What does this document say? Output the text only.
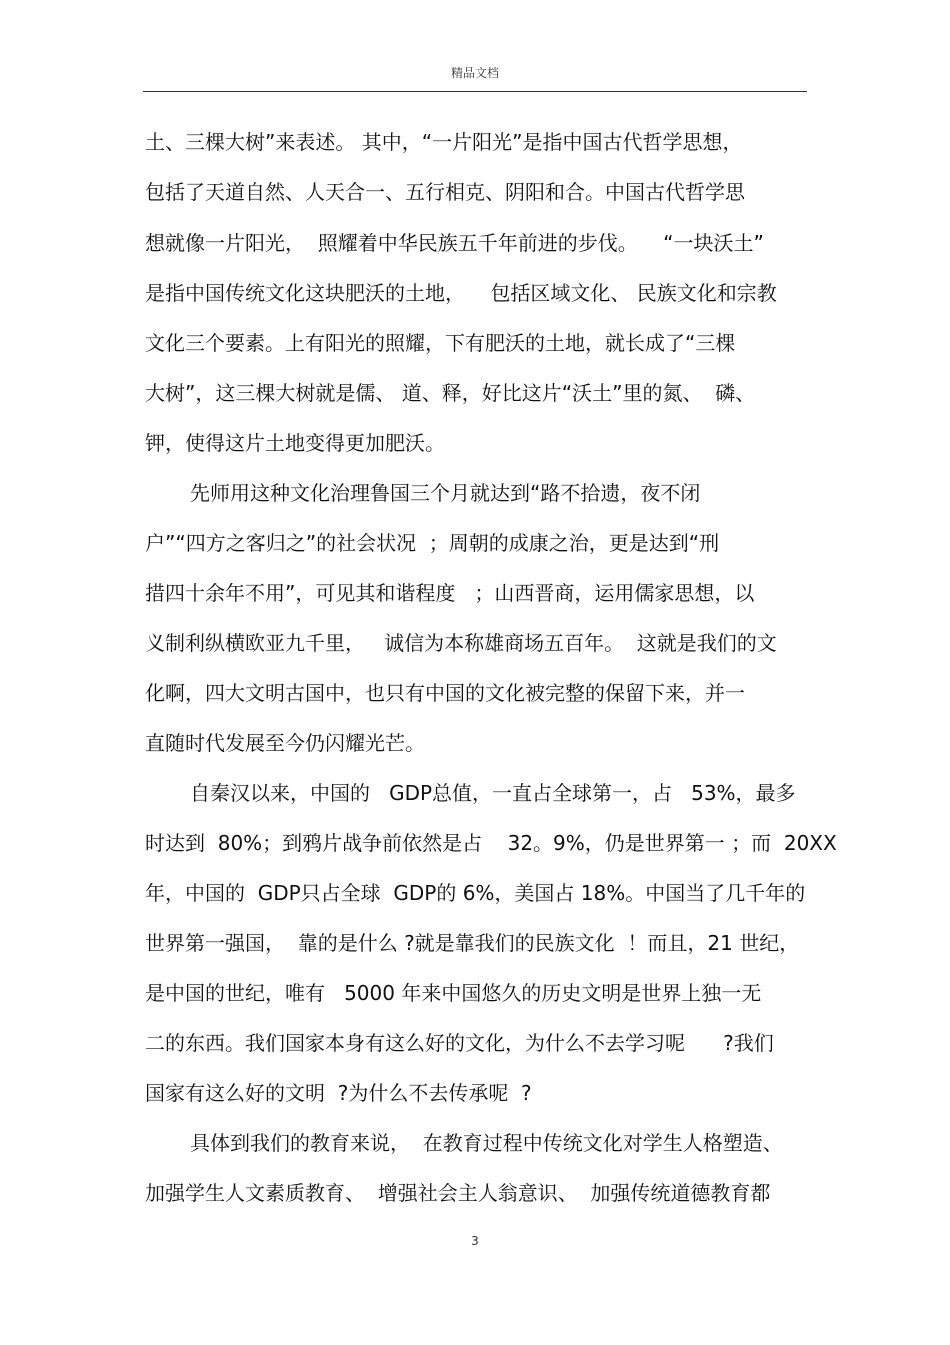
精品文档
土、三棵大树”来表述。 其中，“一片阳光”是指中国古代哲学思想，
包括了天道自然、人天合一、五行相克、阴阳和合。中国古代哲学思
想就像一片阳光，  照耀着中华民族五千年前进的步伐。    “一块沃土”
是指中国传统文化这块肥沃的土地，    包括区域文化、 民族文化和宗教
文化三个要素。上有阳光的照耀，下有肥沃的土地，就长成了“三棵
大树”，这三棵大树就是儒、 道、释，好比这片“沃土”里的氮、  磷、
钾，使得这片土地变得更加肥沃。
先师用这种文化治理鲁国三个月就达到“路不拾遗，夜不闭
户”“四方之客归之”的社会状况  ；周朝的成康之治，更是达到“刑
措四十余年不用”，可见其和谐程度   ；山西晋商，运用儒家思想，以
义制利纵横欧亚九千里，   诚信为本称雄商场五百年。  这就是我们的文
化啊，四大文明古国中，也只有中国的文化被完整的保留下来，并一
直随时代发展至今仍闪耀光芒。
自秦汉以来，中国的   GDP总值，一直占全球第一，占   53%，最多
时达到  80%；到鸦片战争前依然是占    32。9%，仍是世界第一 ；而  20XX
年，中国的  GDP只占全球  GDP的 6%，美国占 18%。中国当了几千年的
世界第一强国，  靠的是什么 ?就是靠我们的民族文化  ！而且，21 世纪，
是中国的世纪，唯有   5000 年来中国悠久的历史文明是世界上独一无
二的东西。我们国家本身有这么好的文化，为什么不去学习呢      ?我们
国家有这么好的文明  ?为什么不去传承呢  ?
具体到我们的教育来说，  在教育过程中传统文化对学生人格塑造、
加强学生人文素质教育、  增强社会主人翁意识、  加强传统道德教育都
3
